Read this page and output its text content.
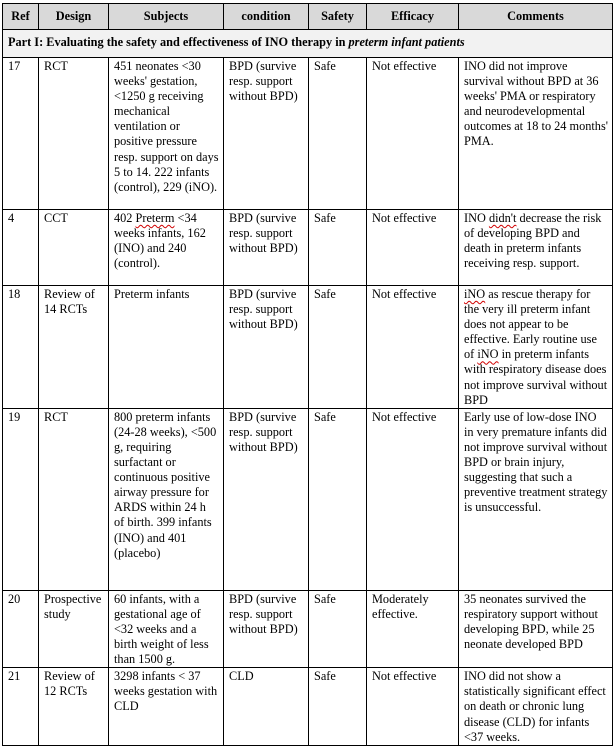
Ref	Design	Subjects	condition	Safety	Efficacy	Comments
Part I: Evaluating the safety and effectiveness of INO therapy in preterm infant patients						
17	RCT	451 neonates <30 weeks' gestation, <1250 g receiving mechanical ventilation or positive pressure resp. support on days 5 to 14. 222 infants (control), 229 (iNO).	BPD (survive resp. support without BPD)	Safe	Not effective	INO did not improve survival without BPD at 36 weeks' PMA or respiratory and neurodevelopmental outcomes at 18 to 24 months' PMA.
4	CCT	402 Preterm <34 weeks infants, 162 (INO) and 240 (control).	BPD (survive resp. support without BPD)	Safe	Not effective	INO didn't decrease the risk of developing BPD and death in preterm infants receiving resp. support.
18	Review of 14 RCTs	Preterm infants	BPD (survive resp. support without BPD)	Safe	Not effective	iNO as rescue therapy for the very ill preterm infant does not appear to be effective. Early routine use of iNO in preterm infants with respiratory disease does not improve survival without BPD
19	RCT	800 preterm infants (24-28 weeks), <500 g, requiring surfactant or continuous positive airway pressure for ARDS within 24 h of birth. 399 infants (INO) and 401 (placebo)	BPD (survive resp. support without BPD)	Safe	Not effective	Early use of low-dose INO in very premature infants did not improve survival without BPD or brain injury, suggesting that such a preventive treatment strategy is unsuccessful.
20	Prospective study	60 infants, with a gestational age of <32 weeks and a birth weight of less than 1500 g.	BPD (survive resp. support without BPD)	Safe	Moderately effective.	35 neonates survived the respiratory support without developing BPD, while 25 neonate developed BPD
21	Review of 12 RCTs	3298 infants < 37 weeks gestation with CLD	CLD	Safe	Not effective	INO did not show a statistically significant effect on death or chronic lung disease (CLD) for infants <37 weeks.
